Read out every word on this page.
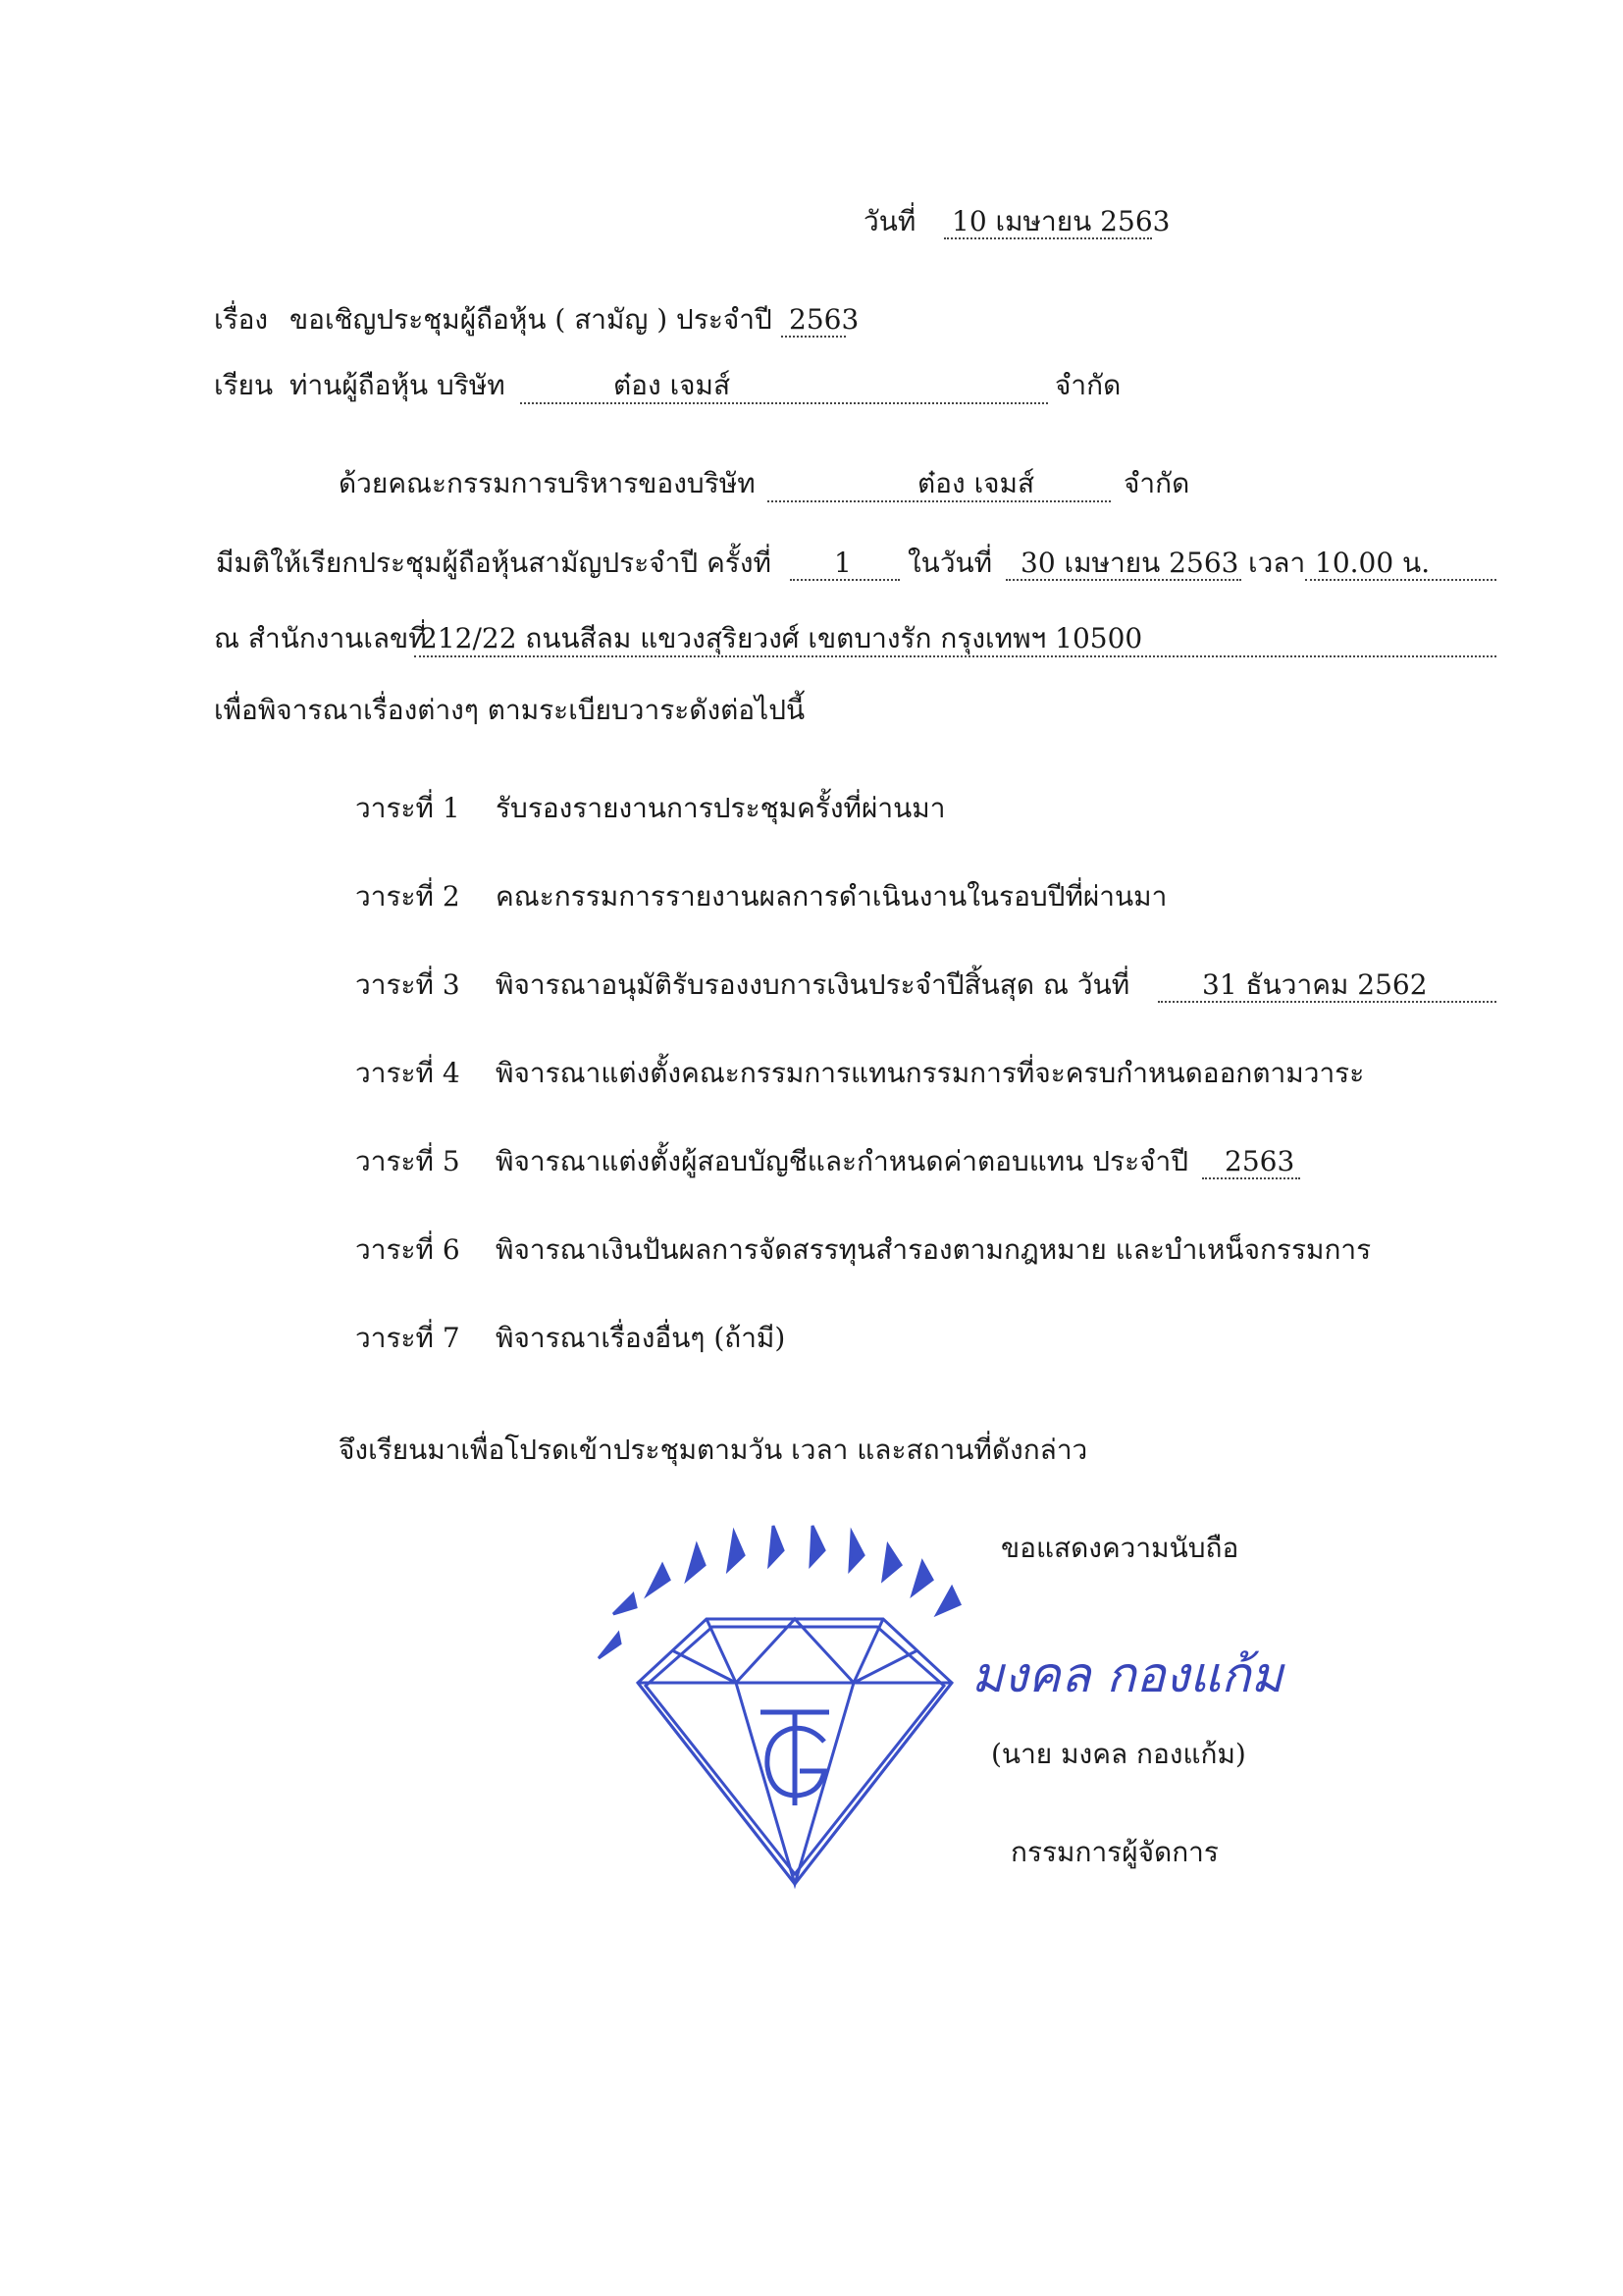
วันที่ 10 เมษายน 2563
เรื่อง ขอเชิญประชุมผู้ถือหุ้น ( สามัญ ) ประจำปี 2563
เรียน ท่านผู้ถือหุ้น บริษัท	ต๋อง เจมส์	จำกัด
ด้วยคณะกรรมการบริหารของบริษัท	ต๋อง เจมส์	จำกัด
มีมติให้เรียกประชุมผู้ถือหุ้นสามัญประจำปี ครั้งที่ 1 ในวันที่ 30 เมษายน 2563 เวลา 10.00 น.
ณ สำนักงานเลขที่
212/22 ถนนสีลม แขวงสุริยวงศ์ เขตบางรัก กรุงเทพฯ 10500
เพื่อพิจารณาเรื่องต่างๆ ตามระเบียบวาระดังต่อไปนี้
วาระที่ 1 รับรองรายงานการประชุมครั้งที่ผ่านมา
วาระที่ 2 คณะกรรมการรายงานผลการดำเนินงานในรอบปีที่ผ่านมา
วาระที่ 3 พิจารณาอนุมัติรับรองงบการเงินประจำปีสิ้นสุด ณ วันที่	31 ธันวาคม 2562
วาระที่ 4 พิจารณาแต่งตั้งคณะกรรมการแทนกรรมการที่จะครบกำหนดออกตามวาระ
วาระที่ 5 พิจารณาแต่งตั้งผู้สอบบัญชีและกำหนดค่าตอบแทน ประจำปี 2563
วาระที่ 6 พิจารณาเงินปันผลการจัดสรรทุนสำรองตามกฎหมาย และบำเหน็จกรรมการ
วาระที่ 7 พิจารณาเรื่องอื่นๆ (ถ้ามี)
จึงเรียนมาเพื่อโปรดเข้าประชุมตามวัน เวลา และสถานที่ดังกล่าว
ขอแสดงความนับถือ
มงคล กองแก้ม
(นาย มงคล กองแก้ม)
กรรมการผู้จัดการ
